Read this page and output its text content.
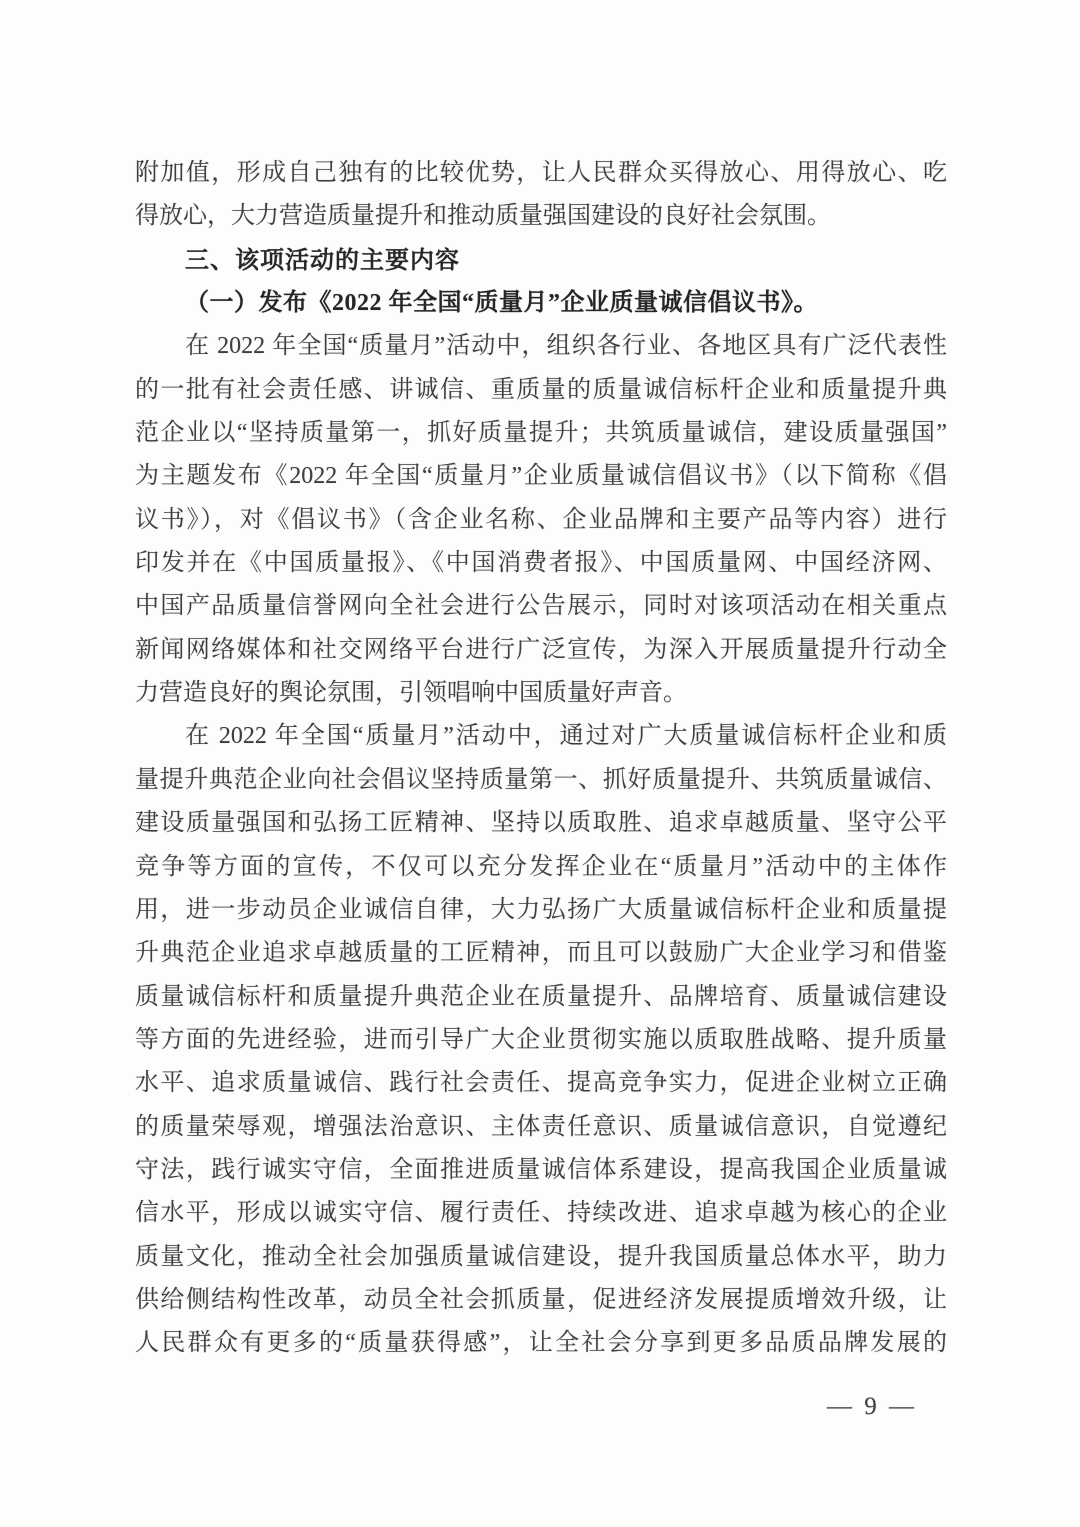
附加值，形成自己独有的比较优势，让人民群众买得放心、用得放心、吃
得放心，大力营造质量提升和推动质量强国建设的良好社会氛围。
三、该项活动的主要内容
（一）发布《2022 年全国“质量月”企业质量诚信倡议书》。
在 2022 年全国“质量月”活动中，组织各行业、各地区具有广泛代表性
的一批有社会责任感、讲诚信、重质量的质量诚信标杆企业和质量提升典
范企业以“坚持质量第一，抓好质量提升；共筑质量诚信，建设质量强国”
为主题发布《2022 年全国“质量月”企业质量诚信倡议书》（以下简称《倡
议书》），对《倡议书》（含企业名称、企业品牌和主要产品等内容）进行
印发并在《中国质量报》、《中国消费者报》、中国质量网、中国经济网、
中国产品质量信誉网向全社会进行公告展示，同时对该项活动在相关重点
新闻网络媒体和社交网络平台进行广泛宣传，为深入开展质量提升行动全
力营造良好的舆论氛围，引领唱响中国质量好声音。
在 2022 年全国“质量月”活动中，通过对广大质量诚信标杆企业和质
量提升典范企业向社会倡议坚持质量第一、抓好质量提升、共筑质量诚信、
建设质量强国和弘扬工匠精神、坚持以质取胜、追求卓越质量、坚守公平
竞争等方面的宣传，不仅可以充分发挥企业在“质量月”活动中的主体作
用，进一步动员企业诚信自律，大力弘扬广大质量诚信标杆企业和质量提
升典范企业追求卓越质量的工匠精神，而且可以鼓励广大企业学习和借鉴
质量诚信标杆和质量提升典范企业在质量提升、品牌培育、质量诚信建设
等方面的先进经验，进而引导广大企业贯彻实施以质取胜战略、提升质量
水平、追求质量诚信、践行社会责任、提高竞争实力，促进企业树立正确
的质量荣辱观，增强法治意识、主体责任意识、质量诚信意识，自觉遵纪
守法，践行诚实守信，全面推进质量诚信体系建设，提高我国企业质量诚
信水平，形成以诚实守信、履行责任、持续改进、追求卓越为核心的企业
质量文化，推动全社会加强质量诚信建设，提升我国质量总体水平，助力
供给侧结构性改革，动员全社会抓质量，促进经济发展提质增效升级，让
人民群众有更多的“质量获得感”，让全社会分享到更多品质品牌发展的
— 9 —
